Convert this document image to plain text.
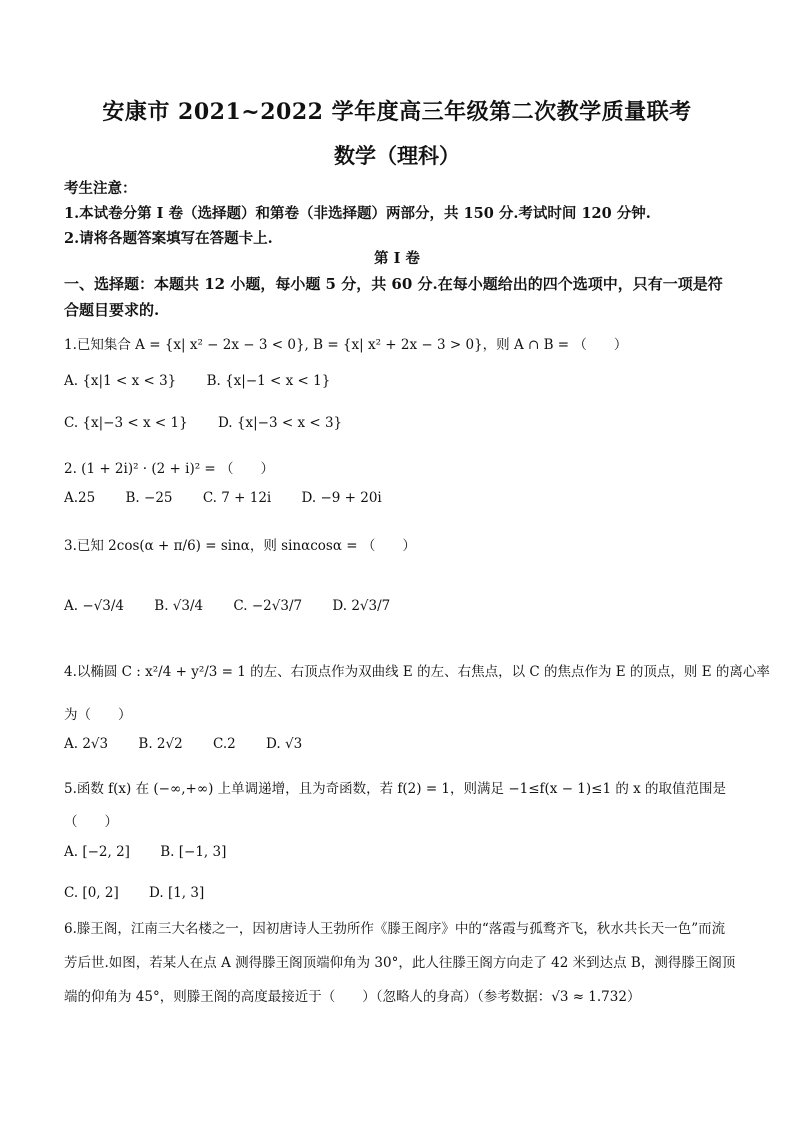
安康市 2021~2022 学年度高三年级第二次教学质量联考
数学（理科）
考生注意：
1.本试卷分第 I 卷（选择题）和第卷（非选择题）两部分，共 150 分.考试时间 120 分钟.
2.请将各题答案填写在答题卡上.
第 I 卷
一、选择题：本题共 12 小题，每小题 5 分，共 60 分.在每小题给出的四个选项中，只有一项是符合题目要求的.
1.已知集合 A = {x| x² − 2x − 3 < 0}, B = {x| x² + 2x − 3 > 0}，则 A ∩ B = （　　）
A. {x|1 < x < 3} B. {x|−1 < x < 1}
C. {x|−3 < x < 1} D. {x|−3 < x < 3}
2. (1 + 2i)² · (2 + i)² = （　　）
A.25 B. −25 C. 7 + 12i D. −9 + 20i
3.已知 2cos(α + π/6) = sinα，则 sinαcosα = （　　）
A. −√3/4 B. √3/4 C. −2√3/7 D. 2√3/7
4.以椭圆 C : x²/4 + y²/3 = 1 的左、右顶点作为双曲线 E 的左、右焦点，以 C 的焦点作为 E 的顶点，则 E 的离心率
为（　　）
A. 2√3 B. 2√2 C.2 D. √3
5.函数 f(x) 在 (−∞,+∞) 上单调递增，且为奇函数，若 f(2) = 1，则满足 −1≤f(x − 1)≤1 的 x 的取值范围是
（　　）
A. [−2, 2] B. [−1, 3]
C. [0, 2] D. [1, 3]
6.滕王阁，江南三大名楼之一，因初唐诗人王勃所作《滕王阁序》中的“落霞与孤鹜齐飞，秋水共长天一色”而流芳后世.如图，若某人在点 A 测得滕王阁顶端仰角为 30°，此人往滕王阁方向走了 42 米到达点 B，测得滕王阁顶端的仰角为 45°，则滕王阁的高度最接近于（　　）（忽略人的身高）（参考数据：√3 ≈ 1.732）
